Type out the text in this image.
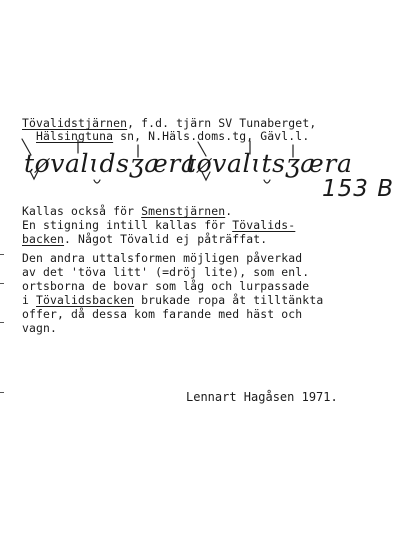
Tövalidstjärnen, f.d. tjärn SV Tunaberget,
Hälsingtuna sn, N.Häls.doms.tg, Gävl.l.
tøvalɩdsʒæra
tøvalɩtsʒæra
153 B
Kallas också för Smenstjärnen.
En stigning intill kallas för Tövalids-
backen. Något Tövalid ej påträffat.
Den andra uttalsformen möjligen påverkad
av det 'töva litt' (=dröj lite), som enl.
ortsborna de bovar som låg och lurpassade
i Tövalidsbacken brukade ropa åt tilltänkta
offer, då dessa kom farande med häst och
vagn.
Lennart Hagåsen 1971.
